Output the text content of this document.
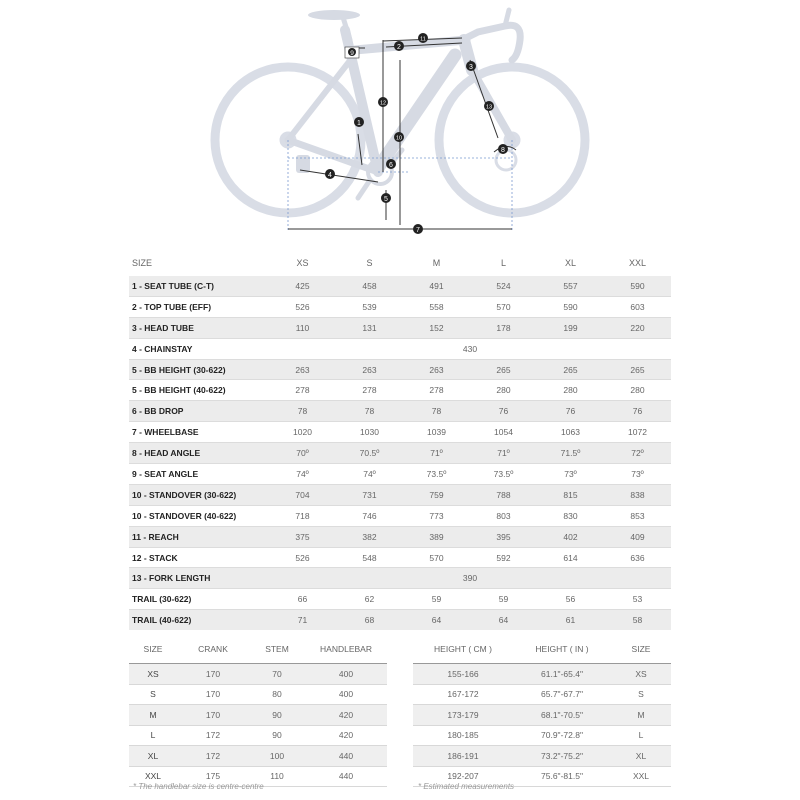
1
2
3
4
5
6
7
8
9
10
11
12
13
SIZE	XS	S	M	L	XL	XXL
1 - SEAT TUBE (C-T)	425	458	491	524	557	590
2 - TOP TUBE (EFF)	526	539	558	570	590	603
3 - HEAD TUBE	110	131	152	178	199	220
4 - CHAINSTAY	430					
5 - BB HEIGHT (30-622)	263	263	263	265	265	265
5 - BB HEIGHT (40-622)	278	278	278	280	280	280
6 - BB DROP	78	78	78	76	76	76
7 - WHEELBASE	1020	1030	1039	1054	1063	1072
8 - HEAD ANGLE	70º	70.5º	71º	71º	71.5º	72º
9 - SEAT ANGLE	74º	74º	73.5º	73.5º	73º	73º
10 - STANDOVER (30-622)	704	731	759	788	815	838
10 - STANDOVER (40-622)	718	746	773	803	830	853
11 - REACH	375	382	389	395	402	409
12 - STACK	526	548	570	592	614	636
13 - FORK LENGTH	390					
TRAIL (30-622)	66	62	59	59	56	53
TRAIL (40-622)	71	68	64	64	61	58
SIZE	CRANK	STEM	HANDLEBAR
XS	170	70	400
S	170	80	400
M	170	90	420
L	172	90	420
XL	172	100	440
XXL	175	110	440
HEIGHT ( CM )	HEIGHT ( IN )	SIZE
155-166	61.1"-65.4"	XS
167-172	65.7"-67.7"	S
173-179	68.1"-70.5"	M
180-185	70.9"-72.8"	L
186-191	73.2"-75.2"	XL
192-207	75.6"-81.5"	XXL
* The handlebar size is centre-centre	* Estimated measurements
